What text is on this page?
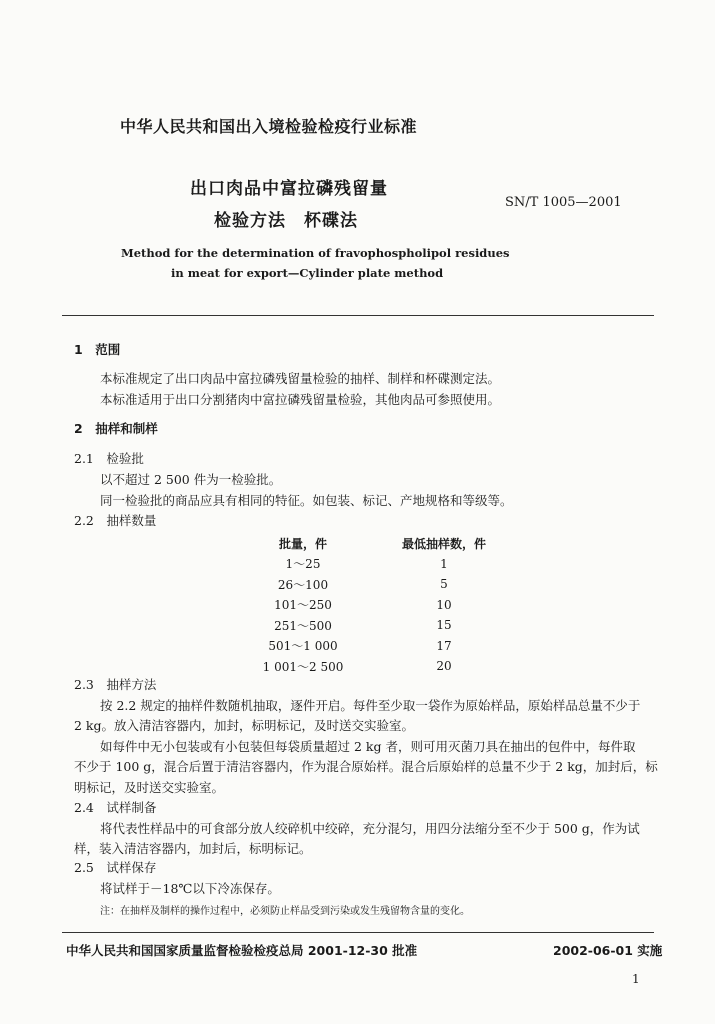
中华人民共和国出入境检验检疫行业标准
出口肉品中富拉磷残留量
检验方法　杯碟法
SN/T 1005—2001
Method for the determination of fravophospholipol residues
in meat for export—Cylinder plate method
1　范围
本标准规定了出口肉品中富拉磷残留量检验的抽样、制样和杯碟测定法。
本标准适用于出口分割猪肉中富拉磷残留量检验，其他肉品可参照使用。
2　抽样和制样
2.1　检验批
以不超过 2 500 件为一检验批。
同一检验批的商品应具有相同的特征。如包装、标记、产地规格和等级等。
2.2　抽样数量
批量，件	最低抽样数，件
1～25	1
26～100	5
101～250	10
251～500	15
501～1 000	17
1 001～2 500	20
2.3　抽样方法
按 2.2 规定的抽样件数随机抽取，逐件开启。每件至少取一袋作为原始样品，原始样品总量不少于
2 kg。放入清洁容器内，加封，标明标记，及时送交实验室。
如每件中无小包装或有小包装但每袋质量超过 2 kg 者，则可用灭菌刀具在抽出的包件中，每件取
不少于 100 g，混合后置于清洁容器内，作为混合原始样。混合后原始样的总量不少于 2 kg，加封后，标
明标记，及时送交实验室。
2.4　试样制备
将代表性样品中的可食部分放人绞碎机中绞碎，充分混匀，用四分法缩分至不少于 500 g，作为试
样，装入清洁容器内，加封后，标明标记。
2.5　试样保存
将试样于－18℃以下冷冻保存。
注：在抽样及制样的操作过程中，必须防止样品受到污染或发生残留物含量的变化。
中华人民共和国国家质量监督检验检疫总局 2001-12-30 批准	2002-06-01 实施
1
